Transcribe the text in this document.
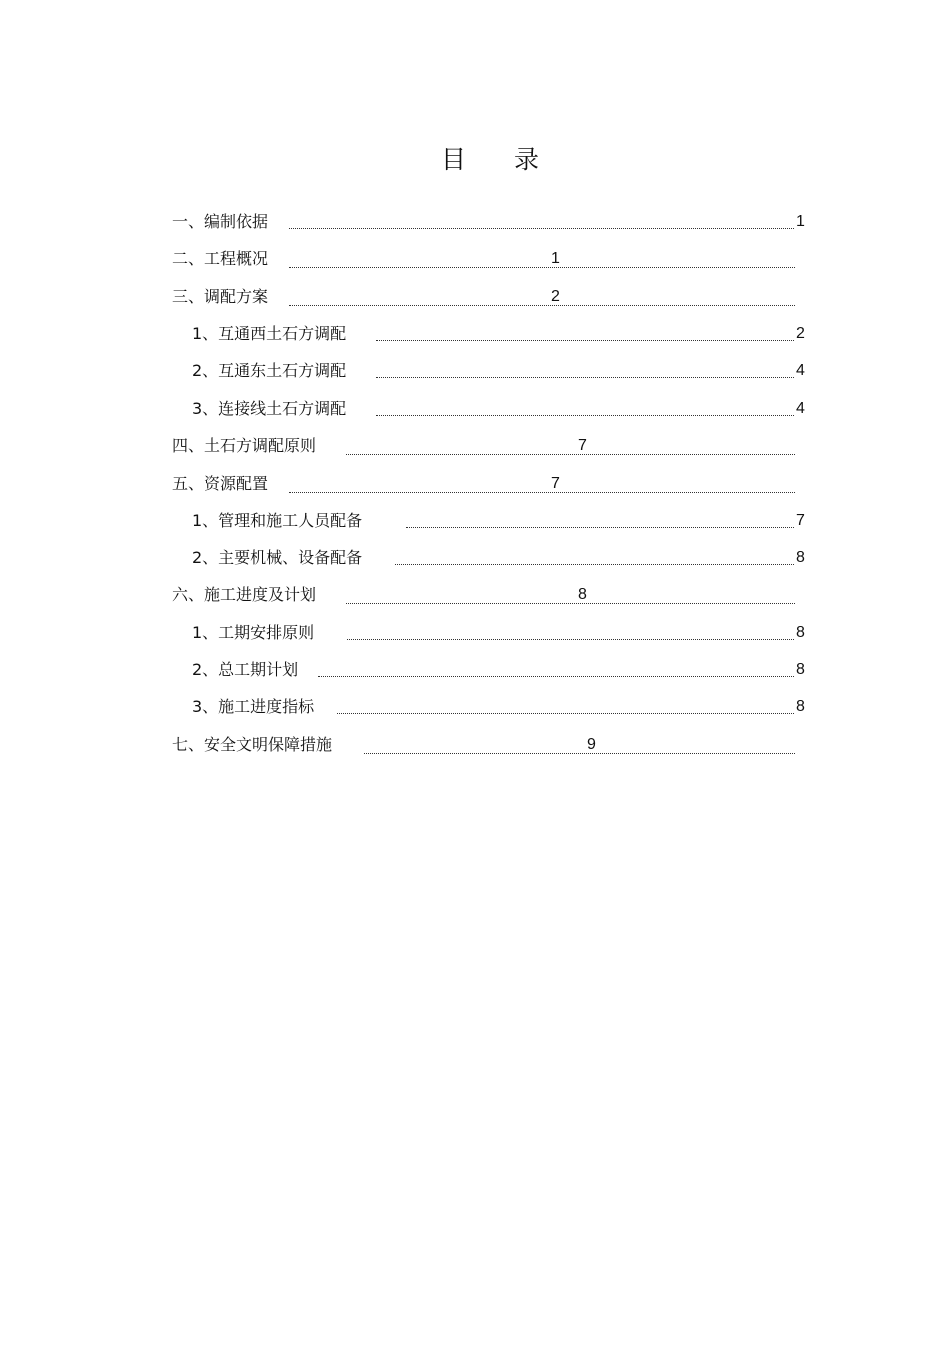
目 录
一、编制依据	1
二、工程概况	1
三、调配方案	2
1、互通西土石方调配	2
2、互通东土石方调配	4
3、连接线土石方调配	4
四、土石方调配原则	7
五、资源配置	7
1、管理和施工人员配备	7
2、主要机械、设备配备	8
六、施工进度及计划	8
1、工期安排原则	8
2、总工期计划	8
3、施工进度指标	8
七、安全文明保障措施	9
